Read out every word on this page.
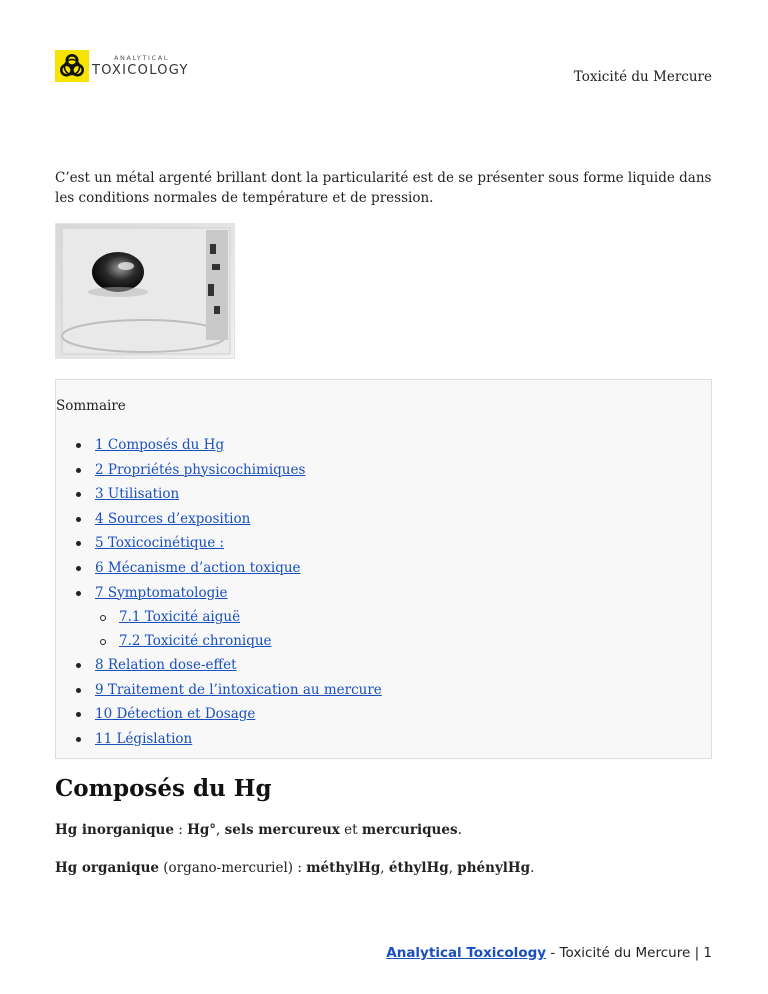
ANALYTICAL
TOXICOLOGY	Toxicité du Mercure

C’est un métal argenté brillant dont la particularité est de se présenter sous forme liquide dans les conditions normales de température et de pression.

Sommaire

1 Composés du Hg
2 Propriétés physicochimiques
3 Utilisation
4 Sources d’exposition
5 Toxicocinétique :
6 Mécanisme d’action toxique
7 Symptomatologie
7.1 Toxicité aiguë
7.2 Toxicité chronique
8 Relation dose-effet
9 Traitement de l’intoxication au mercure
10 Détection et Dosage
11 Législation
Composés du Hg

Hg inorganique : Hg°, sels mercureux et mercuriques.

Hg organique (organo-mercuriel) : méthylHg, éthylHg, phénylHg.

Analytical Toxicology - Toxicité du Mercure | 1
